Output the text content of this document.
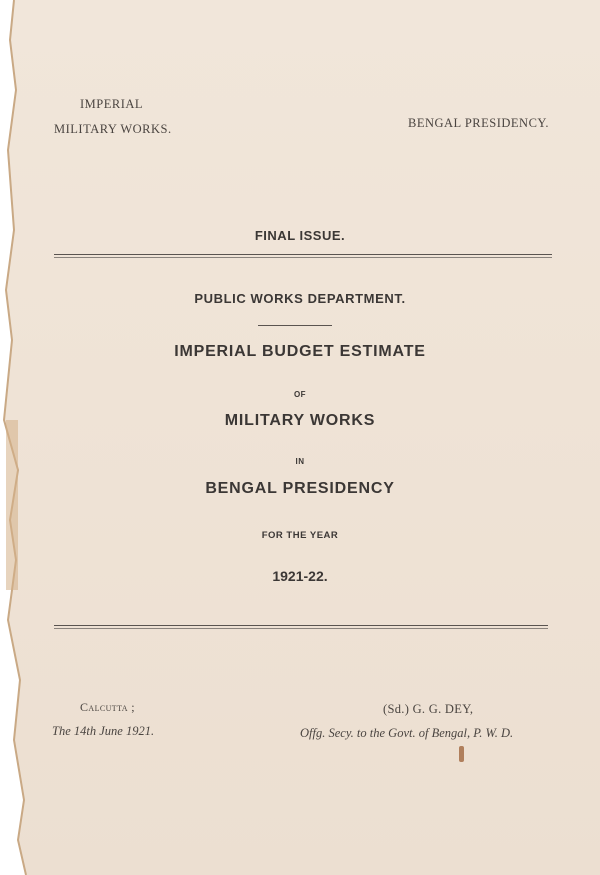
IMPERIAL
MILITARY WORKS.	BENGAL PRESIDENCY.
FINAL ISSUE.
PUBLIC WORKS DEPARTMENT.
IMPERIAL BUDGET ESTIMATE
OF
MILITARY WORKS
IN
BENGAL PRESIDENCY
FOR THE YEAR
1921-22.
Calcutta ;
The 14th June 1921.
(Sd.) G. G. DEY,
Offg. Secy. to the Govt. of Bengal, P. W. D.
